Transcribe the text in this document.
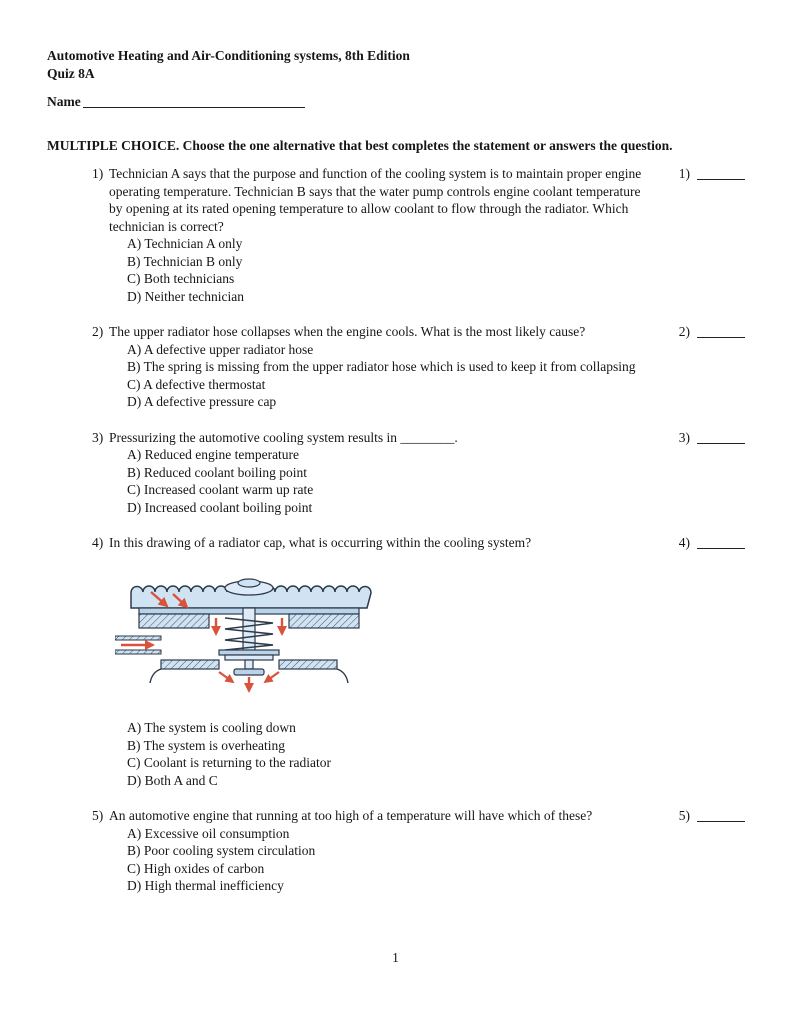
Automotive Heating and Air-Conditioning systems, 8th Edition
Quiz 8A
Name
MULTIPLE CHOICE. Choose the one alternative that best completes the statement or answers the question.
1) Technician A says that the purpose and function of the cooling system is to maintain proper engine operating temperature. Technician B says that the water pump controls engine coolant temperature by opening at its rated opening temperature to allow coolant to flow through the radiator. Which technician is correct?
A) Technician A only
B) Technician B only
C) Both technicians
D) Neither technician
1)
2) The upper radiator hose collapses when the engine cools. What is the most likely cause?
A) A defective upper radiator hose
B) The spring is missing from the upper radiator hose which is used to keep it from collapsing
C) A defective thermostat
D) A defective pressure cap
2)
3) Pressurizing the automotive cooling system results in ________.
A) Reduced engine temperature
B) Reduced coolant boiling point
C) Increased coolant warm up rate
D) Increased coolant boiling point
3)
4) In this drawing of a radiator cap, what is occurring within the cooling system?
A) The system is cooling down
B) The system is overheating
C) Coolant is returning to the radiator
D) Both A and C
4)
5) An automotive engine that running at too high of a temperature will have which of these?
A) Excessive oil consumption
B) Poor cooling system circulation
C) High oxides of carbon
D) High thermal inefficiency
5)
1
